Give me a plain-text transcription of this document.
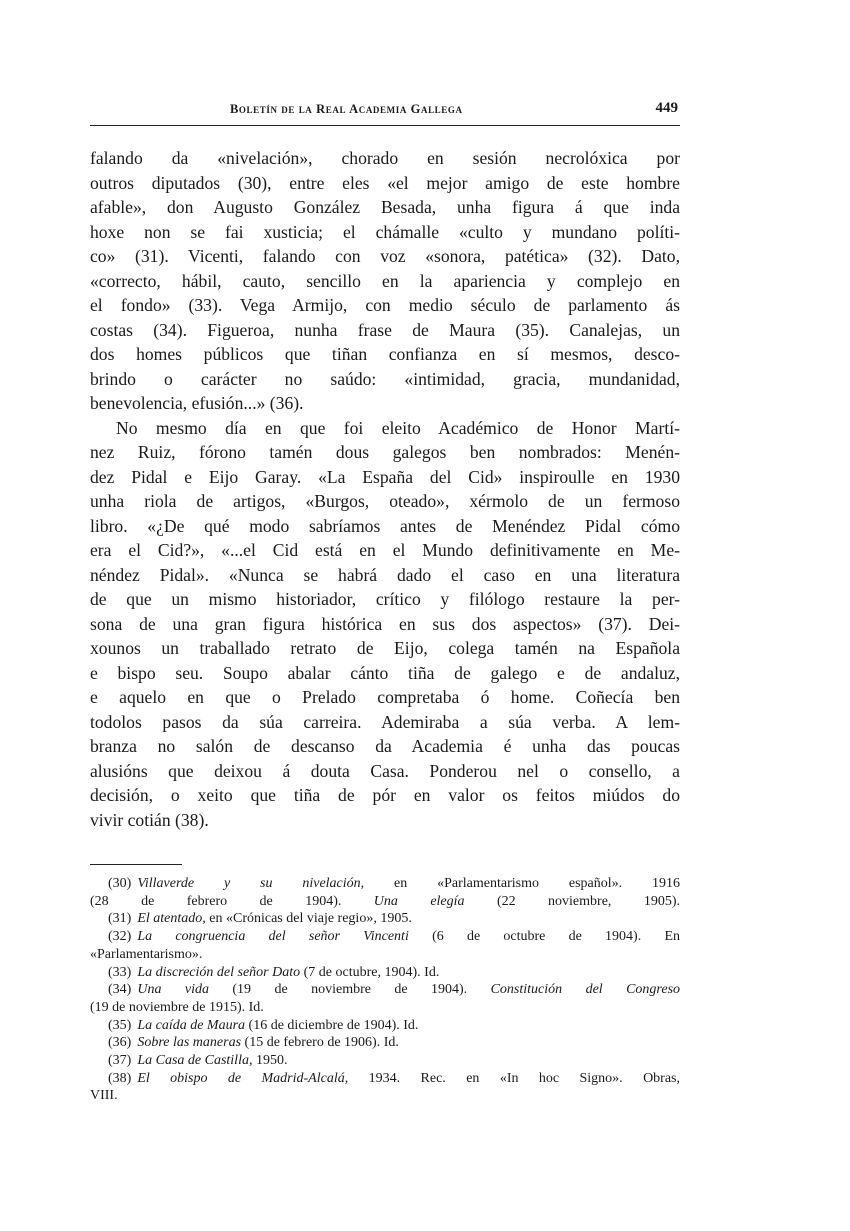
Boletín de la Real Academia Gallega	449
falando da «nivelación», chorado en sesión necrolóxica por
outros diputados (30), entre eles «el mejor amigo de este hombre
afable», don Augusto González Besada, unha figura á que inda
hoxe non se fai xusticia; el chámalle «culto y mundano políti-
co» (31). Vicenti, falando con voz «sonora, patética» (32). Dato,
«correcto, hábil, cauto, sencillo en la apariencia y complejo en
el fondo» (33). Vega Armijo, con medio século de parlamento ás
costas (34). Figueroa, nunha frase de Maura (35). Canalejas, un
dos homes públicos que tiñan confianza en sí mesmos, desco-
brindo o carácter no saúdo: «intimidad, gracia, mundanidad,
benevolencia, efusión...» (36).
No mesmo día en que foi eleito Académico de Honor Martí-
nez Ruiz, fórono tamén dous galegos ben nombrados: Menén-
dez Pidal e Eijo Garay. «La España del Cid» inspiroulle en 1930
unha riola de artigos, «Burgos, oteado», xérmolo de un fermoso
libro. «¿De qué modo sabríamos antes de Menéndez Pidal cómo
era el Cid?», «...el Cid está en el Mundo definitivamente en Me-
néndez Pidal». «Nunca se habrá dado el caso en una literatura
de que un mismo historiador, crítico y filólogo restaure la per-
sona de una gran figura histórica en sus dos aspectos» (37). Dei-
xounos un traballado retrato de Eijo, colega tamén na Española
e bispo seu. Soupo abalar cánto tiña de galego e de andaluz,
e aquelo en que o Prelado compretaba ó home. Coñecía ben
todolos pasos da súa carreira. Ademiraba a súa verba. A lem-
branza no salón de descanso da Academia é unha das poucas
alusións que deixou á douta Casa. Ponderou nel o consello, a
decisión, o xeito que tiña de pór en valor os feitos miúdos do
vivir cotián (38).
(30) Villaverde y su nivelación, en «Parlamentarismo español». 1916
(28 de febrero de 1904). Una elegía (22 noviembre, 1905).
(31) El atentado, en «Crónicas del viaje regio», 1905.
(32) La congruencia del señor Vincenti (6 de octubre de 1904). En
«Parlamentarismo».
(33) La discreción del señor Dato (7 de octubre, 1904). Id.
(34) Una vida (19 de noviembre de 1904). Constitución del Congreso
(19 de noviembre de 1915). Id.
(35) La caída de Maura (16 de diciembre de 1904). Id.
(36) Sobre las maneras (15 de febrero de 1906). Id.
(37) La Casa de Castilla, 1950.
(38) El obispo de Madrid-Alcalá, 1934. Rec. en «In hoc Signo». Obras,
VIII.
